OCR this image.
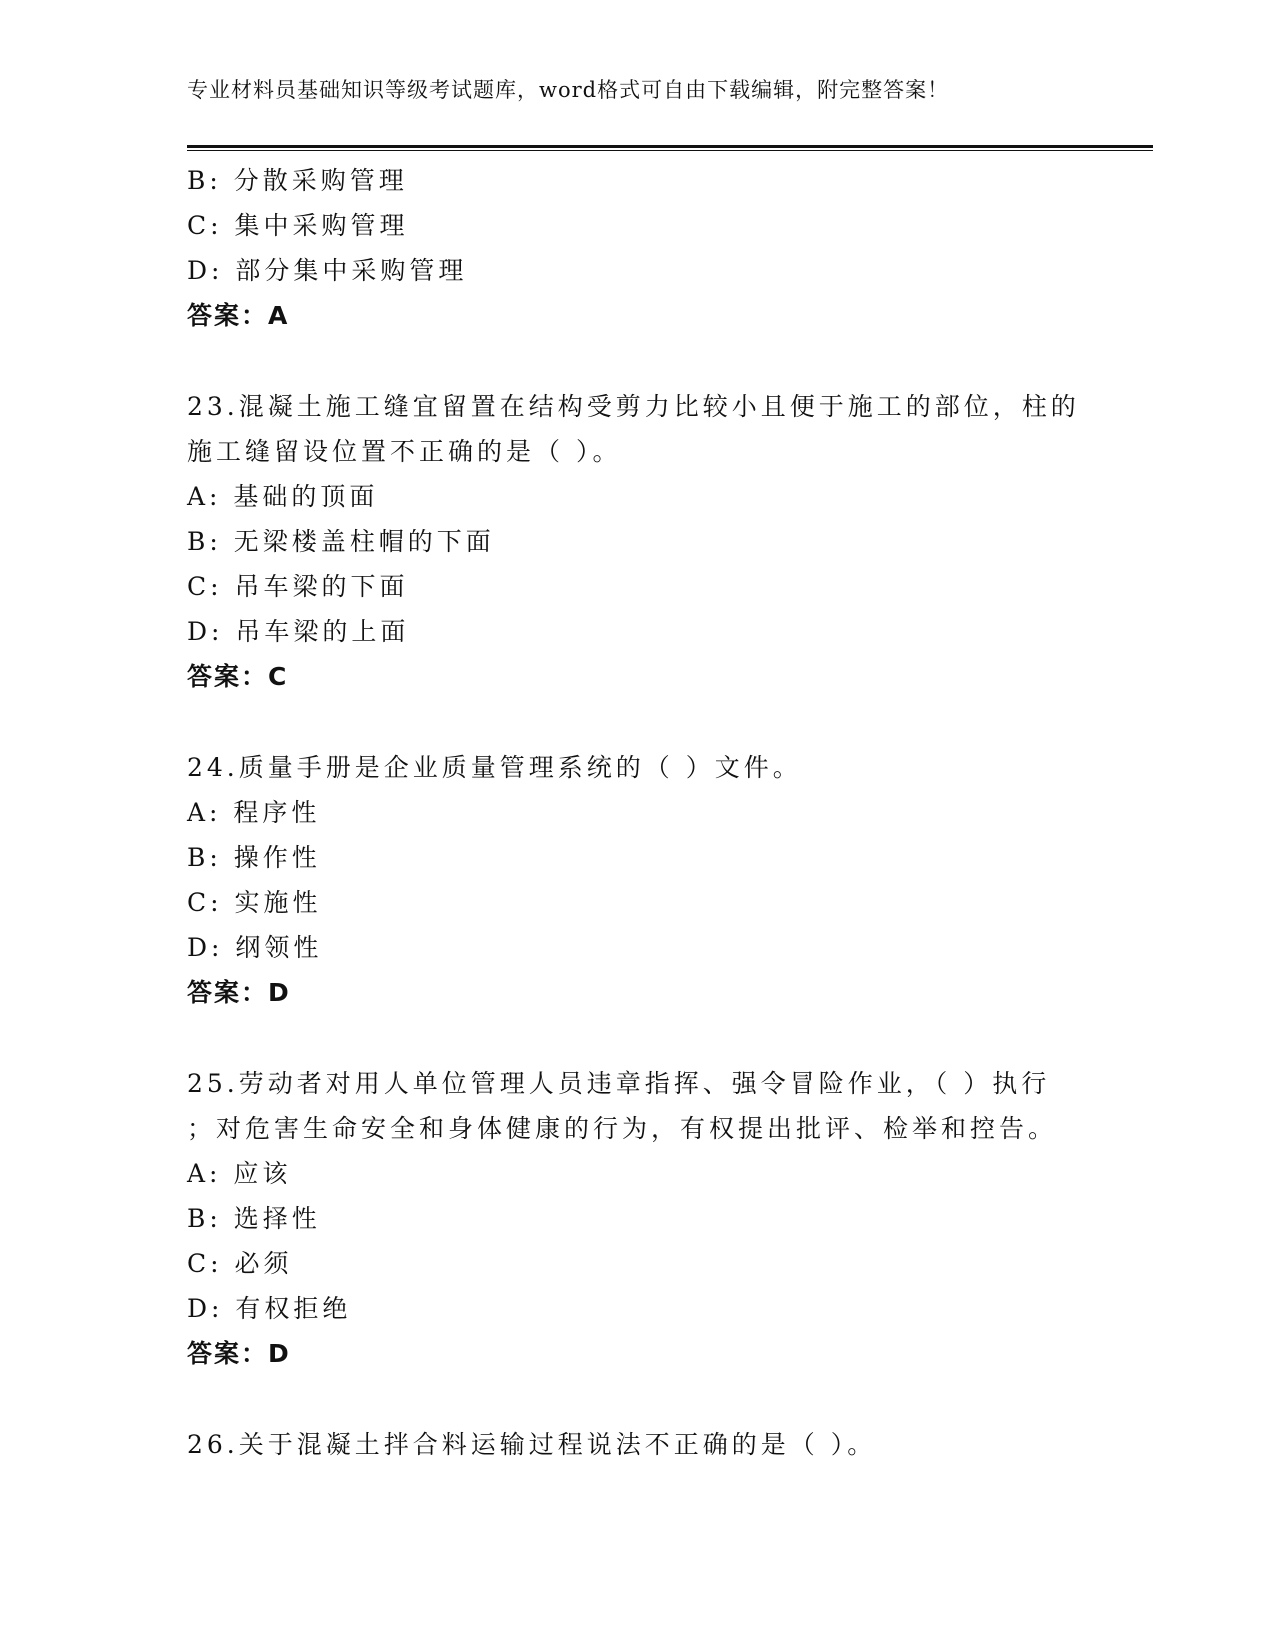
专业材料员基础知识等级考试题库，word格式可自由下载编辑，附完整答案！
B: 分散采购管理
C: 集中采购管理
D: 部分集中采购管理
答案：A
23.混凝土施工缝宜留置在结构受剪力比较小且便于施工的部位，柱的
施工缝留设位置不正确的是（ ）。
A: 基础的顶面
B: 无梁楼盖柱帽的下面
C: 吊车梁的下面
D: 吊车梁的上面
答案：C
24.质量手册是企业质量管理系统的（ ）文件。
A: 程序性
B: 操作性
C: 实施性
D: 纲领性
答案：D
25.劳动者对用人单位管理人员违章指挥、强令冒险作业，（ ）执行
；对危害生命安全和身体健康的行为，有权提出批评、检举和控告。
A: 应该
B: 选择性
C: 必须
D: 有权拒绝
答案：D
26.关于混凝土拌合料运输过程说法不正确的是（ ）。
